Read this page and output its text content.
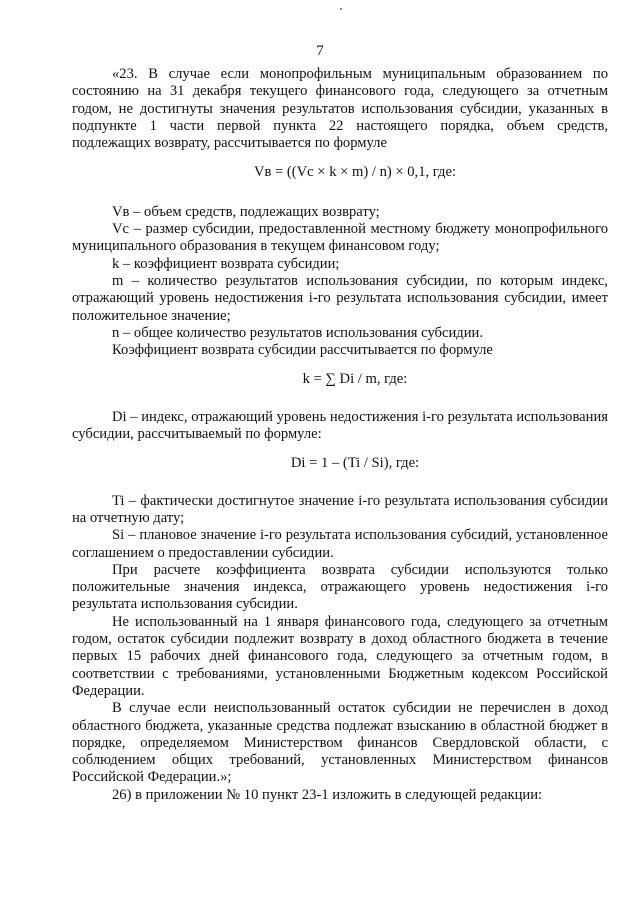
7

«23. В случае если монопрофильным муниципальным образованием по состоянию на 31 декабря текущего финансового года, следующего за отчетным годом, не достигнуты значения результатов использования субсидии, указанных в подпункте 1 части первой пункта 22 настоящего порядка, объем средств, подлежащих возврату, рассчитывается по формуле

Vв = ((Vс × k × m) / n) × 0,1, где:

Vв – объем средств, подлежащих возврату;

Vс – размер субсидии, предоставленной местному бюджету монопрофильного муниципального образования в текущем финансовом году;

k – коэффициент возврата субсидии;

m – количество результатов использования субсидии, по которым индекс, отражающий уровень недостижения i-го результата использования субсидии, имеет положительное значение;

n – общее количество результатов использования субсидии.

Коэффициент возврата субсидии рассчитывается по формуле

k = ∑ Di / m, где:

Di – индекс, отражающий уровень недостижения i-го результата использования субсидии, рассчитываемый по формуле:

Di = 1 – (Ti / Si), где:

Ti – фактически достигнутое значение i-го результата использования субсидии на отчетную дату;

Si – плановое значение i-го результата использования субсидий, установленное соглашением о предоставлении субсидии.

При расчете коэффициента возврата субсидии используются только положительные значения индекса, отражающего уровень недостижения i-го результата использования субсидии.

Не использованный на 1 января финансового года, следующего за отчетным годом, остаток субсидии подлежит возврату в доход областного бюджета в течение первых 15 рабочих дней финансового года, следующего за отчетным годом, в соответствии с требованиями, установленными Бюджетным кодексом Российской Федерации.

В случае если неиспользованный остаток субсидии не перечислен в доход областного бюджета, указанные средства подлежат взысканию в областной бюджет в порядке, определяемом Министерством финансов Свердловской области, с соблюдением общих требований, установленных Министерством финансов Российской Федерации.»;

26) в приложении № 10 пункт 23-1 изложить в следующей редакции:
